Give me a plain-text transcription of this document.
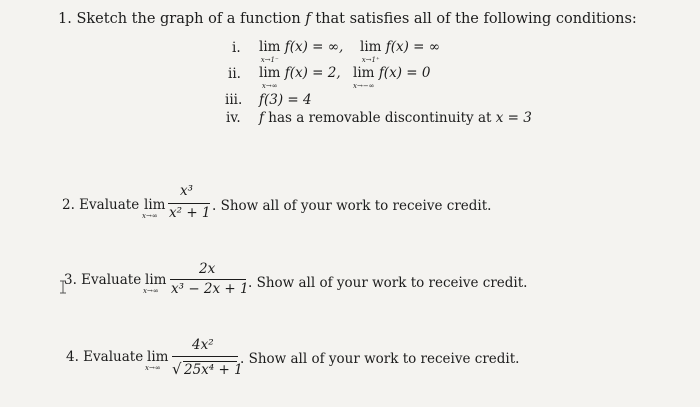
1. Sketch the graph of a function f that satisfies all of the following conditions:
i. lim
$^{x\to 1^-}$ f(x) = ∞, lim
$^{x\to 1^+}$ f(x) = ∞
ii. lim
$^{x\to\infty}$ f(x) = 2, lim
$^{x\to-\infty}$ f(x) = 0
iii. f(3) = 4
iv. f has a removable discontinuity at x = 3
2. Evaluate lim
x→∞
x³
x² + 1 . Show all of your work to receive credit.
3. Evaluate lim
x→∞
2x
x³ − 2x + 1 . Show all of your work to receive credit.
4. Evaluate lim
x→∞
4x²
√ 25x⁴ + 1
. Show all of your work to receive credit.
